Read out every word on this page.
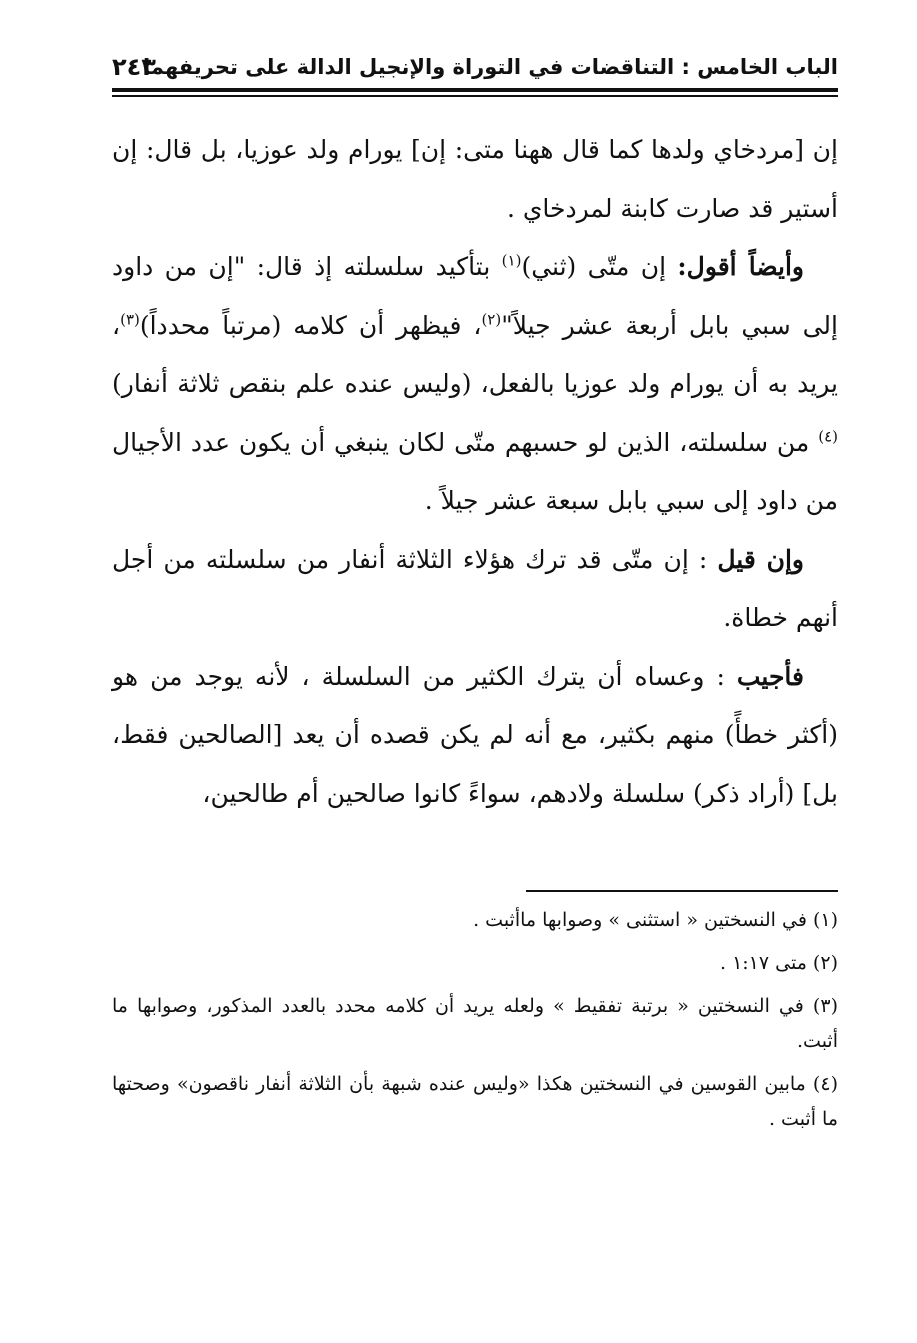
الباب الخامس : التناقضات في التوراة والإنجيل الدالة على تحريفهما
٢٤٣

إن [مردخاي ولدها كما قال ههنا متى: إن] يورام ولد عوزيا، بل قال: إن أستير قد صارت كابنة لمردخاي .

وأيضاً أقول: إن متّى (ثني)$^{(١)}$ بتأكيد سلسلته إذ قال: "إن من داود إلى سبي بابل أربعة عشر جيلاً"$^{(٢)}$، فيظهر أن كلامه (مرتباً محدداً)$^{(٣)}$، يريد به أن يورام ولد عوزيا بالفعل، (وليس عنده علم بنقص ثلاثة أنفار)$^{(٤)}$ من سلسلته، الذين لو حسبهم متّى لكان ينبغي أن يكون عدد الأجيال من داود إلى سبي بابل سبعة عشر جيلاً .

وإن قيل : إن متّى قد ترك هؤلاء الثلاثة أنفار من سلسلته من أجل أنهم خطاة.

فأجيب : وعساه أن يترك الكثير من السلسلة ، لأنه يوجد من هو (أكثر خطأً) منهم بكثير، مع أنه لم يكن قصده أن يعد [الصالحين فقط، بل] (أراد ذكر) سلسلة ولادهم، سواءً كانوا صالحين أم طالحين،

(١) في النسختين « استثنى » وصوابها ماأثبت .

(٢) متى ١:١٧ .

(٣) في النسختين « برتبة تفقيط » ولعله يريد أن كلامه محدد بالعدد المذكور، وصوابها ما أثبت.

(٤) مابين القوسين في النسختين هكذا «وليس عنده شبهة بأن الثلاثة أنفار ناقصون» وصحتها ما أثبت .
